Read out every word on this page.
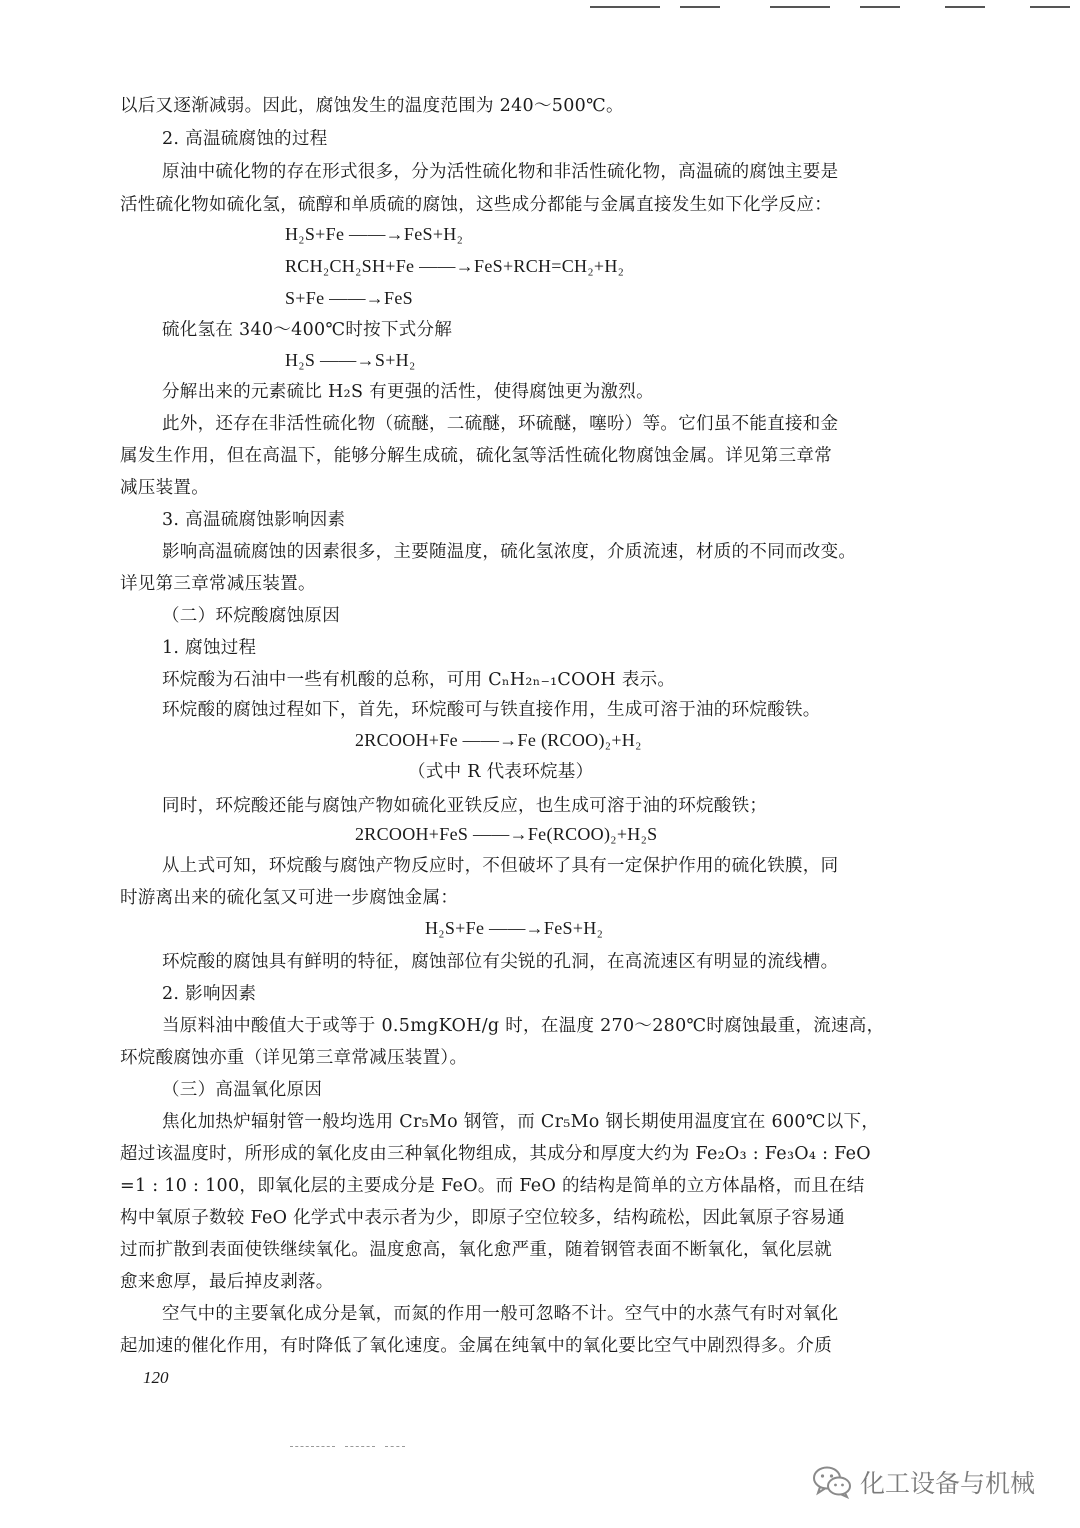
以后又逐渐减弱。因此，腐蚀发生的温度范围为 240～500℃。
2. 高温硫腐蚀的过程
原油中硫化物的存在形式很多，分为活性硫化物和非活性硫化物，高温硫的腐蚀主要是
活性硫化物如硫化氢，硫醇和单质硫的腐蚀，这些成分都能与金属直接发生如下化学反应：
H₂S+Fe ——→FeS+H₂
RCH₂CH₂SH+Fe ——→FeS+RCH=CH₂+H₂
S+Fe ——→FeS
硫化氢在 340～400℃时按下式分解
H₂S ——→S+H₂
分解出来的元素硫比 H₂S 有更强的活性，使得腐蚀更为激烈。
此外，还存在非活性硫化物（硫醚，二硫醚，环硫醚，噻吩）等。它们虽不能直接和金
属发生作用，但在高温下，能够分解生成硫，硫化氢等活性硫化物腐蚀金属。详见第三章常
减压装置。
3. 高温硫腐蚀影响因素
影响高温硫腐蚀的因素很多，主要随温度，硫化氢浓度，介质流速，材质的不同而改变。
详见第三章常减压装置。
（二）环烷酸腐蚀原因
1. 腐蚀过程
环烷酸为石油中一些有机酸的总称，可用 CₙH₂ₙ₋₁COOH 表示。
环烷酸的腐蚀过程如下，首先，环烷酸可与铁直接作用，生成可溶于油的环烷酸铁。
2RCOOH+Fe ——→Fe (RCOO)₂+H₂
（式中 R 代表环烷基）
同时，环烷酸还能与腐蚀产物如硫化亚铁反应，也生成可溶于油的环烷酸铁；
2RCOOH+FeS ——→Fe(RCOO)₂+H₂S
从上式可知，环烷酸与腐蚀产物反应时，不但破坏了具有一定保护作用的硫化铁膜，同
时游离出来的硫化氢又可进一步腐蚀金属：
H₂S+Fe ——→FeS+H₂
环烷酸的腐蚀具有鲜明的特征，腐蚀部位有尖锐的孔洞，在高流速区有明显的流线槽。
2. 影响因素
当原料油中酸值大于或等于 0.5mgKOH/g 时，在温度 270～280℃时腐蚀最重，流速高，
环烷酸腐蚀亦重（详见第三章常减压装置）。
（三）高温氧化原因
焦化加热炉辐射管一般均选用 Cr₅Mo 钢管，而 Cr₅Mo 钢长期使用温度宜在 600℃以下，
超过该温度时，所形成的氧化皮由三种氧化物组成，其成分和厚度大约为 Fe₂O₃ : Fe₃O₄ : FeO
=1 : 10 : 100，即氧化层的主要成分是 FeO。而 FeO 的结构是简单的立方体晶格，而且在结
构中氧原子数较 FeO 化学式中表示者为少，即原子空位较多，结构疏松，因此氧原子容易通
过而扩散到表面使铁继续氧化。温度愈高，氧化愈严重，随着钢管表面不断氧化，氧化层就
愈来愈厚，最后掉皮剥落。
空气中的主要氧化成分是氧，而氮的作用一般可忽略不计。空气中的水蒸气有时对氧化
起加速的催化作用，有时降低了氧化速度。金属在纯氧中的氧化要比空气中剧烈得多。介质
120
化工设备与机械
